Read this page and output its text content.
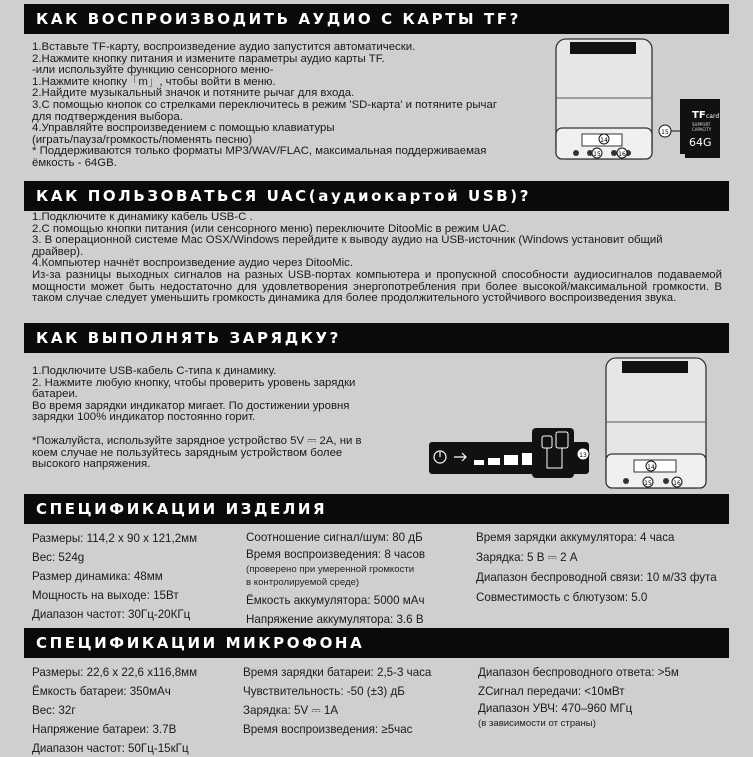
КАК ВОСПРОИЗВОДИТЬ АУДИО С КАРТЫ TF?
1.Вставьте TF-карту, воспроизведение аудио запустится автоматически.
2.Нажмите кнопку питания и измените параметры аудио карты TF.
-или используйте функцию сенсорного меню-
1.Нажмите кнопку「m」, чтобы войти в меню.
2.Найдите музыкальный значок и потяните рычаг для входа.
3.С помощью кнопок со стрелками переключитесь в режим 'SD-карта' и потяните рычаг
для подтверждения выбора.
4.Управляйте воспроизведением с помощью клавиатуры
(играть/пауза/громкость/поменять песню)
* Поддерживаются только форматы MP3/WAV/FLAC, максимальная поддерживаемая
ёмкость - 64GB.
14
15	16
TF card
SUPPORT
CAPACITY
64G
15
КАК ПОЛЬЗОВАТЬСЯ UAC(аудиокартой USB)?
1.Подключите к динамику кабель USB-C .
2.С помощью кнопки питания (или сенсорного меню) переключите DitooMic в режим UAC.
3. В операционной системе Mac OSX/Windows перейдите к выводу аудио на USB-источник (Windows установит общий
драйвер).
4.Компьютер начнёт воспроизведение аудио через DitooMic.
Из-за разницы выходных сигналов на разных USB-портах компьютера и пропускной способности аудиосигналов подаваемой мощности может быть недостаточно для удовлетворения энергопотребления при более высокой/максимальной громкости. В таком случае следует уменьшить громкость динамика для более продолжительного устойчивого воспроизведения звука.
КАК ВЫПОЛНЯТЬ ЗАРЯДКУ?
1.Подключите USB-кабель C-типа к динамику.
2. Нажмите любую кнопку, чтобы проверить уровень зарядки
батареи.
Во время зарядки индикатор мигает. По достижении уровня
зарядки 100% индикатор постоянно горит.
*Пожалуйста, используйте зарядное устройство 5V ⎓ 2A, ни в
коем случае не пользуйтесь зарядным устройством более
высокого напряжения.
13
14
15	16
СПЕЦИФИКАЦИИ ИЗДЕЛИЯ
Размеры: 114,2 x 90 x 121,2мм
Вес: 524g
Размер динамика: 48мм
Мощность на выходе: 15Вт
Диапазон частот: 30Гц-20КГц
Соотношение сигнал/шум: 80 дБ
Время воспроизведения: 8 часов
(проверено при умеренной громкости
в контролируемой среде)
Ёмкость аккумулятора: 5000 мАч
Напряжение аккумулятора: 3.6 В
Время зарядки аккумулятора: 4 часа
Зарядка: 5 В ⎓ 2 А
Диапазон беспроводной связи: 10 м/33 фута
Совместимость с блютузом: 5.0
СПЕЦИФИКАЦИИ МИКРОФОНА
Размеры: 22,6 x 22,6 x116,8мм
Ёмкость батареи: 350мАч
Вес: 32г
Напряжение батареи: 3.7В
Диапазон частот: 50Гц-15кГц
Время зарядки батареи: 2,5-3 часа
Чувствительность: -50 (±3) дБ
Зарядка: 5V ⎓ 1A
Время воспроизведения: ≥5час
Диапазон беспроводного ответа: >5м
ZСигнал передачи: <10мВт
Диапазон УВЧ: 470–960 МГц
(в зависимости от страны)
